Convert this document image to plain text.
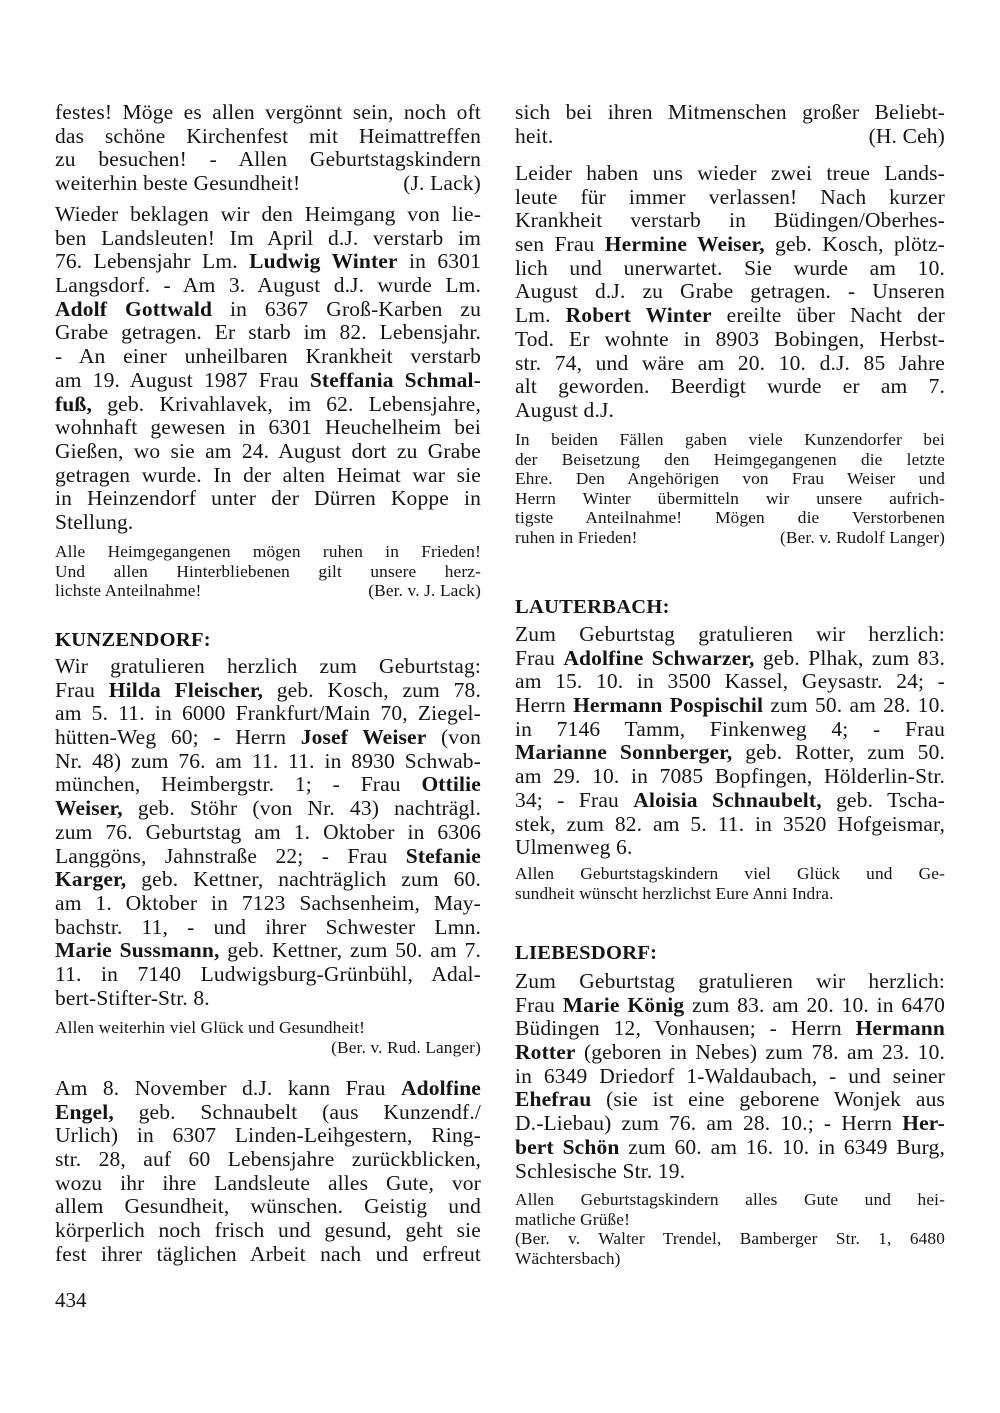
festes! Möge es allen vergönnt sein, noch oft
das schöne Kirchenfest mit Heimattreffen
zu besuchen! - Allen Geburtstagskindern
(J. Lack)
weiterhin beste Gesundheit!
Wieder beklagen wir den Heimgang von lie-
ben Landsleuten! Im April d.J. verstarb im
76. Lebensjahr Lm. Ludwig Winter in 6301
Langsdorf. - Am 3. August d.J. wurde Lm.
Adolf Gottwald in 6367 Groß-Karben zu
Grabe getragen. Er starb im 82. Lebensjahr.
- An einer unheilbaren Krankheit verstarb
am 19. August 1987 Frau Steffania Schmal-
fuß, geb. Krivahlavek, im 62. Lebensjahre,
wohnhaft gewesen in 6301 Heuchelheim bei
Gießen, wo sie am 24. August dort zu Grabe
getragen wurde. In der alten Heimat war sie
in Heinzendorf unter der Dürren Koppe in
Stellung.
Alle Heimgegangenen mögen ruhen in Frieden!
Und allen Hinterbliebenen gilt unsere herz-
(Ber. v. J. Lack)
lichste Anteilnahme!
KUNZENDORF:
Wir gratulieren herzlich zum Geburtstag:
Frau Hilda Fleischer, geb. Kosch, zum 78.
am 5. 11. in 6000 Frankfurt/Main 70, Ziegel-
hütten-Weg 60; - Herrn Josef Weiser (von
Nr. 48) zum 76. am 11. 11. in 8930 Schwab-
münchen, Heimbergstr. 1; - Frau Ottilie
Weiser, geb. Stöhr (von Nr. 43) nachträgl.
zum 76. Geburtstag am 1. Oktober in 6306
Langgöns, Jahnstraße 22; - Frau Stefanie
Karger, geb. Kettner, nachträglich zum 60.
am 1. Oktober in 7123 Sachsenheim, May-
bachstr. 11, - und ihrer Schwester Lmn.
Marie Sussmann, geb. Kettner, zum 50. am 7.
11. in 7140 Ludwigsburg-Grünbühl, Adal-
bert-Stifter-Str. 8.
Allen weiterhin viel Glück und Gesundheit!
(Ber. v. Rud. Langer)
Am 8. November d.J. kann Frau Adolfine
Engel, geb. Schnaubelt (aus Kunzendf./
Urlich) in 6307 Linden-Leihgestern, Ring-
str. 28, auf 60 Lebensjahre zurückblicken,
wozu ihr ihre Landsleute alles Gute, vor
allem Gesundheit, wünschen. Geistig und
körperlich noch frisch und gesund, geht sie
fest ihrer täglichen Arbeit nach und erfreut
434
sich bei ihren Mitmenschen großer Beliebt-
(H. Ceh)
heit.
Leider haben uns wieder zwei treue Lands-
leute für immer verlassen! Nach kurzer
Krankheit verstarb in Büdingen/Oberhes-
sen Frau Hermine Weiser, geb. Kosch, plötz-
lich und unerwartet. Sie wurde am 10.
August d.J. zu Grabe getragen. - Unseren
Lm. Robert Winter ereilte über Nacht der
Tod. Er wohnte in 8903 Bobingen, Herbst-
str. 74, und wäre am 20. 10. d.J. 85 Jahre
alt geworden. Beerdigt wurde er am 7.
August d.J.
In beiden Fällen gaben viele Kunzendorfer bei
der Beisetzung den Heimgegangenen die letzte
Ehre. Den Angehörigen von Frau Weiser und
Herrn Winter übermitteln wir unsere aufrich-
tigste Anteilnahme! Mögen die Verstorbenen
(Ber. v. Rudolf Langer)
ruhen in Frieden!
LAUTERBACH:
Zum Geburtstag gratulieren wir herzlich:
Frau Adolfine Schwarzer, geb. Plhak, zum 83.
am 15. 10. in 3500 Kassel, Geysastr. 24; -
Herrn Hermann Pospischil zum 50. am 28. 10.
in 7146 Tamm, Finkenweg 4; - Frau
Marianne Sonnberger, geb. Rotter, zum 50.
am 29. 10. in 7085 Bopfingen, Hölderlin-Str.
34; - Frau Aloisia Schnaubelt, geb. Tscha-
stek, zum 82. am 5. 11. in 3520 Hofgeismar,
Ulmenweg 6.
Allen Geburtstagskindern viel Glück und Ge-
sundheit wünscht herzlichst Eure Anni Indra.
LIEBESDORF:
Zum Geburtstag gratulieren wir herzlich:
Frau Marie König zum 83. am 20. 10. in 6470
Büdingen 12, Vonhausen; - Herrn Hermann
Rotter (geboren in Nebes) zum 78. am 23. 10.
in 6349 Driedorf 1-Waldaubach, - und seiner
Ehefrau (sie ist eine geborene Wonjek aus
D.-Liebau) zum 76. am 28. 10.; - Herrn Her-
bert Schön zum 60. am 16. 10. in 6349 Burg,
Schlesische Str. 19.
Allen Geburtstagskindern alles Gute und hei-
matliche Grüße!
(Ber. v. Walter Trendel, Bamberger Str. 1, 6480
Wächtersbach)
